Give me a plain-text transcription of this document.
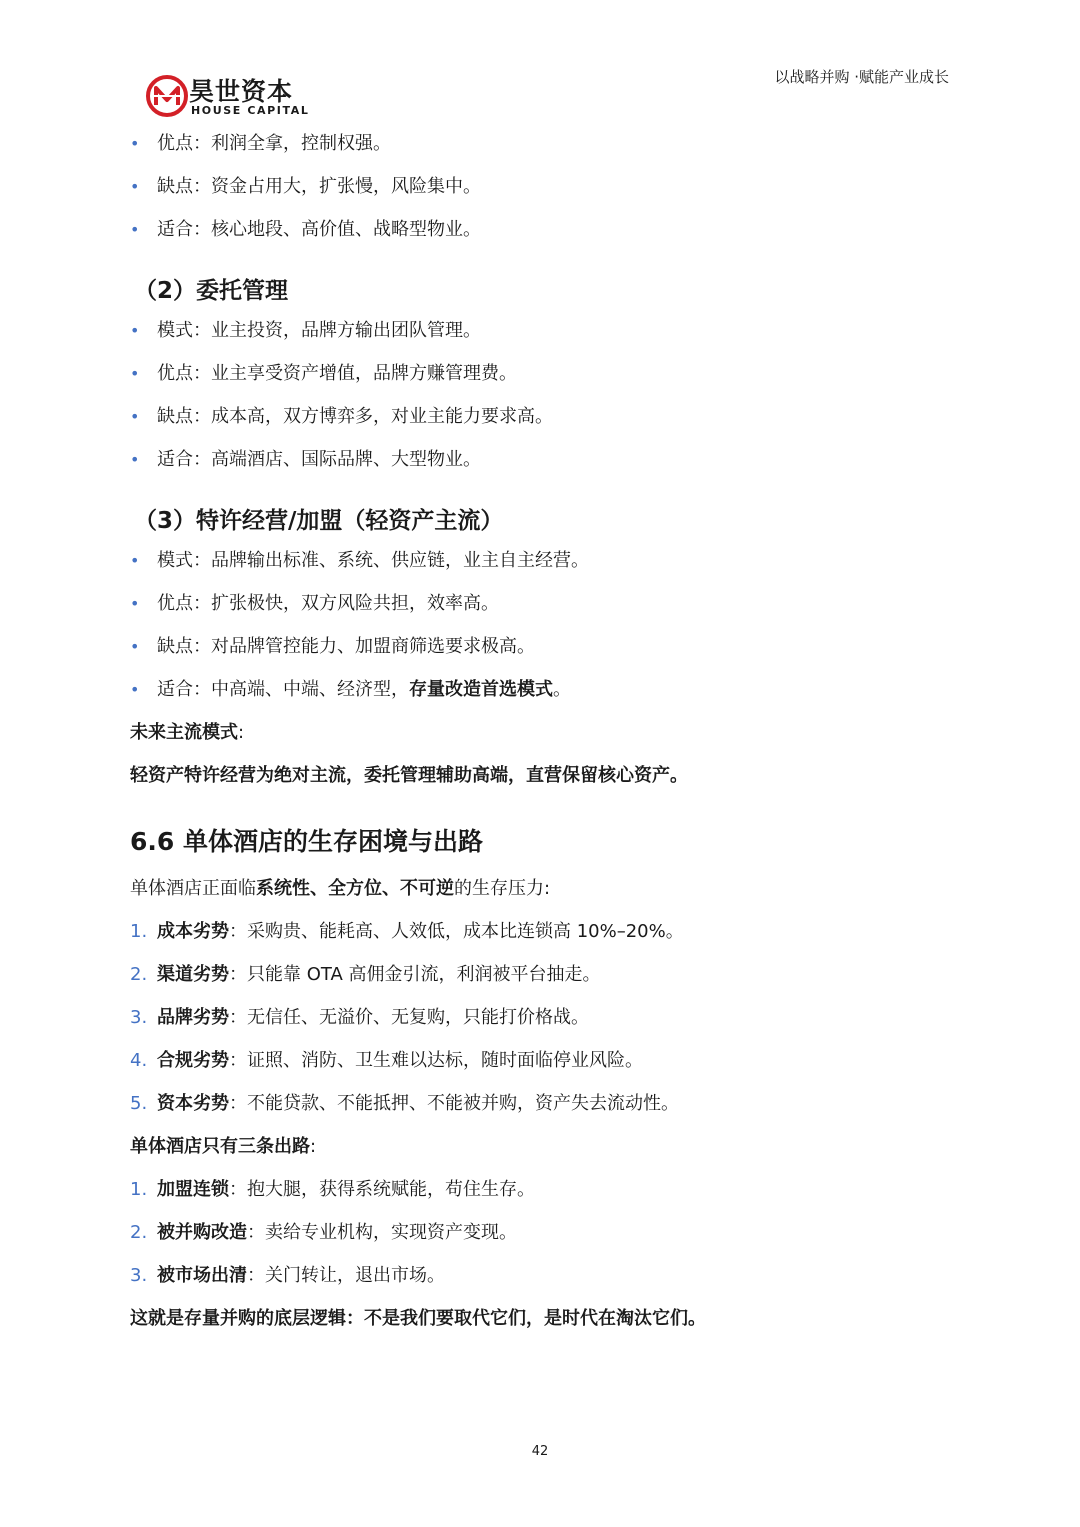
昊世资本
HOUSE CAPITAL
以战略并购 ·赋能产业成长
• 优点：利润全拿，控制权强。
• 缺点：资金占用大，扩张慢，风险集中。
• 适合：核心地段、高价值、战略型物业。
（2）委托管理
• 模式：业主投资，品牌方输出团队管理。
• 优点：业主享受资产增值，品牌方赚管理费。
• 缺点：成本高，双方博弈多，对业主能力要求高。
• 适合：高端酒店、国际品牌、大型物业。
（3）特许经营/加盟（轻资产主流）
• 模式：品牌输出标准、系统、供应链，业主自主经营。
• 优点：扩张极快，双方风险共担，效率高。
• 缺点：对品牌管控能力、加盟商筛选要求极高。
• 适合：中高端、中端、经济型，存量改造首选模式。
未来主流模式:
轻资产特许经营为绝对主流，委托管理辅助高端，直营保留核心资产。
6.6 单体酒店的生存困境与出路
单体酒店正面临系统性、全方位、不可逆的生存压力:
1. 成本劣势：采购贵、能耗高、人效低，成本比连锁高 10%–20%。
2. 渠道劣势：只能靠 OTA 高佣金引流，利润被平台抽走。
3. 品牌劣势：无信任、无溢价、无复购，只能打价格战。
4. 合规劣势：证照、消防、卫生难以达标，随时面临停业风险。
5. 资本劣势：不能贷款、不能抵押、不能被并购，资产失去流动性。
单体酒店只有三条出路:
1. 加盟连锁：抱大腿，获得系统赋能，苟住生存。
2. 被并购改造：卖给专业机构，实现资产变现。
3. 被市场出清：关门转让，退出市场。
这就是存量并购的底层逻辑：不是我们要取代它们，是时代在淘汰它们。
42
